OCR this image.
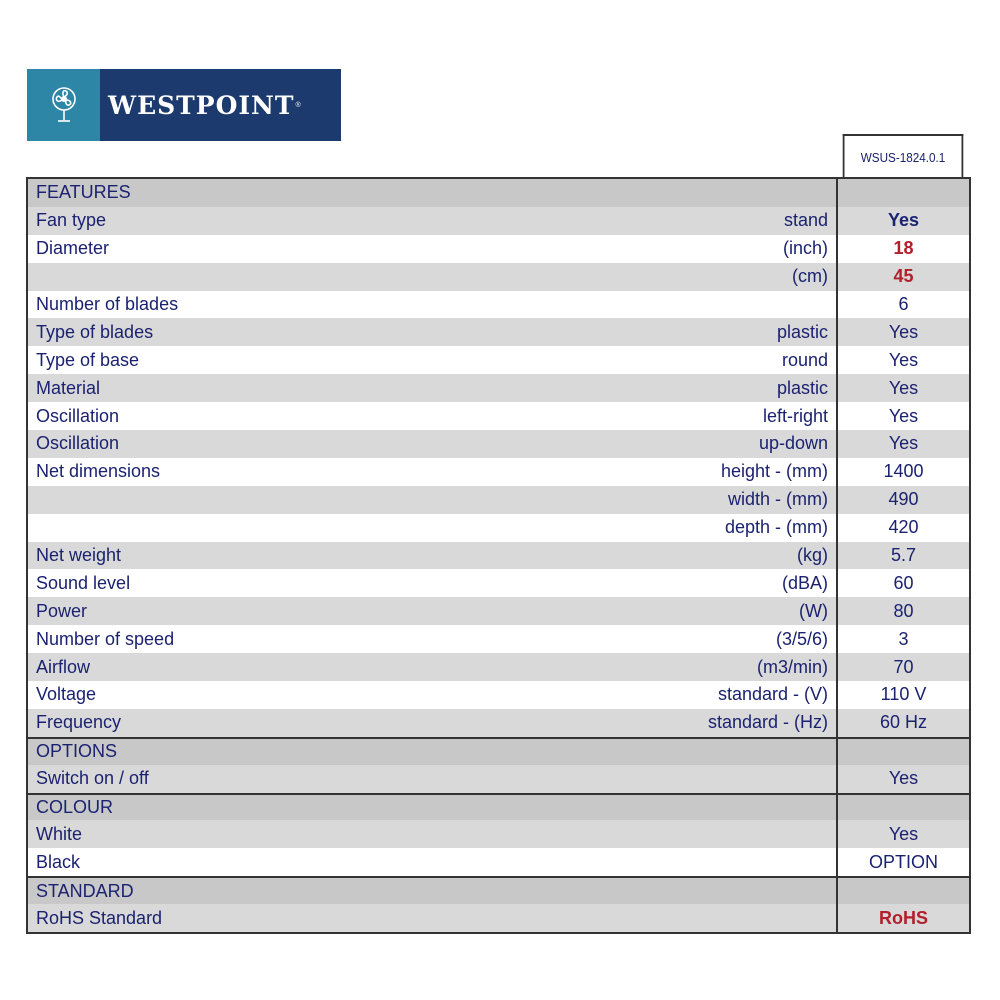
WESTPOINT ®
WSUS-1824.0.1
FEATURES
Fan type	stand	Yes
Diameter	(inch)	18
(cm)	45
Number of blades	6
Type of blades	plastic	Yes
Type of base	round	Yes
Material	plastic	Yes
Oscillation	left-right	Yes
Oscillation	up-down	Yes
Net dimensions	height - (mm)	1400
width - (mm)	490
depth - (mm)	420
Net weight	(kg)	5.7
Sound level	(dBA)	60
Power	(W)	80
Number of speed	(3/5/6)	3
Airflow	(m3/min)	70
Voltage	standard - (V)	110 V
Frequency	standard - (Hz)	60 Hz
OPTIONS
Switch on / off	Yes
COLOUR
White	Yes
Black	OPTION
STANDARD
RoHS Standard	RoHS
